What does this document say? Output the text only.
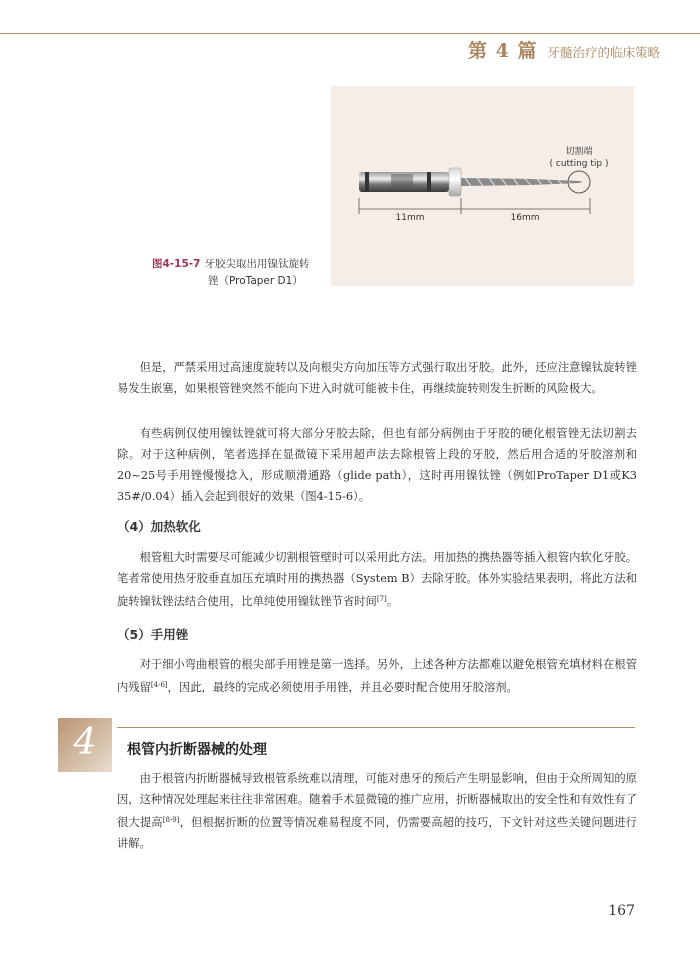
第 4 篇 牙髓治疗的临床策略
切割端
( cutting tip )
11mm	16mm
图4-15-7 牙胶尖取出用镍钛旋转
锉（ProTaper D1）

但是，严禁采用过高速度旋转以及向根尖方向加压等方式强行取出牙胶。此外，还应注意镍钛旋转锉易发生嵌塞，如果根管锉突然不能向下进入时就可能被卡住，再继续旋转则发生折断的风险极大。

有些病例仅使用镍钛锉就可将大部分牙胶去除，但也有部分病例由于牙胶的硬化根管锉无法切割去除。对于这种病例，笔者选择在显微镜下采用超声法去除根管上段的牙胶，然后用合适的牙胶溶剂和20~25号手用锉慢慢捻入，形成顺滑通路（glide path），这时再用镍钛锉（例如ProTaper D1或K3 35#/0.04）插入会起到很好的效果（图4-15-6）。

（4）加热软化

根管粗大时需要尽可能减少切割根管壁时可以采用此方法。用加热的携热器等插入根管内软化牙胶。笔者常使用热牙胶垂直加压充填时用的携热器（System B）去除牙胶。体外实验结果表明，将此方法和旋转镍钛锉法结合使用，比单纯使用镍钛锉节省时间[7]。

（5）手用锉

对于细小弯曲根管的根尖部手用锉是第一选择。另外，上述各种方法都难以避免根管充填材料在根管内残留[4-6]，因此，最终的完成必须使用手用锉，并且必要时配合使用牙胶溶剂。

4	根管内折断器械的处理

由于根管内折断器械导致根管系统难以清理，可能对患牙的预后产生明显影响，但由于众所周知的原因，这种情况处理起来往往非常困难。随着手术显微镜的推广应用，折断器械取出的安全性和有效性有了很大提高[8-9]，但根据折断的位置等情况难易程度不同，仍需要高超的技巧，下文针对这些关键问题进行讲解。

167
